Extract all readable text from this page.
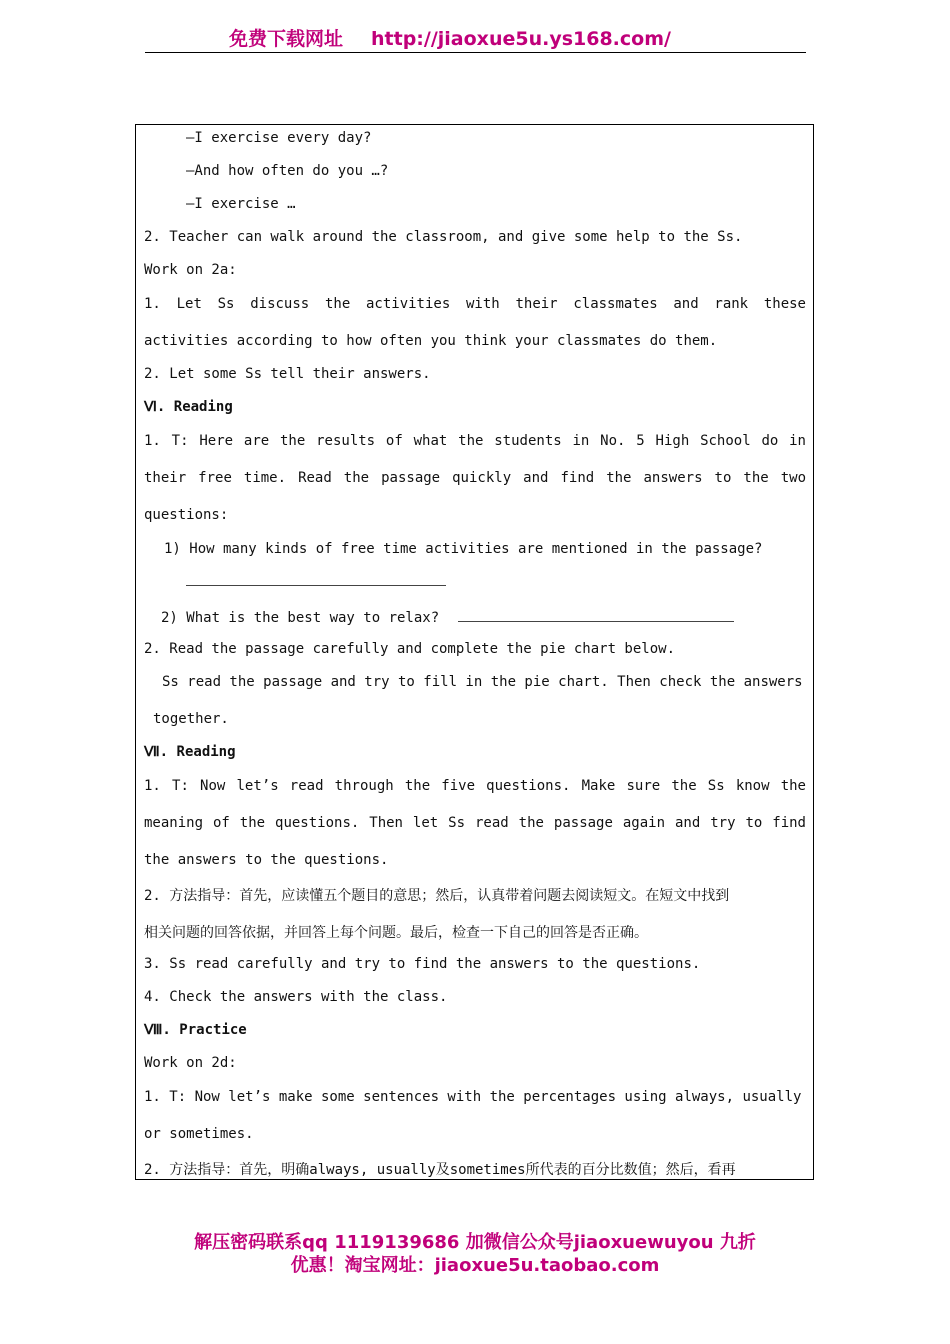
免费下载网址 http://jiaoxue5u.ys168.com/
—I exercise every day?
—And how often do you …?
—I exercise …
2. Teacher can walk around the classroom, and give some help to the Ss.
Work on 2a:
1. Let Ss discuss the activities with their classmates and rank these
activities according to how often you think your classmates do them.
2. Let some Ss tell their answers.
Ⅵ. Reading
1. T: Here are the results of what the students in No. 5 High School do in
their free time. Read the passage quickly and find the answers to the two
questions:
1) How many kinds of free time activities are mentioned in the passage?
2) What is the best way to relax?
2. Read the passage carefully and complete the pie chart below.
Ss read the passage and try to fill in the pie chart. Then check the answers
together.
Ⅶ. Reading
1. T: Now let’s read through the five questions. Make sure the Ss know the
meaning of the questions. Then let Ss read the passage again and try to find
the answers to the questions.
2. 方法指导：首先，应读懂五个题目的意思；然后，认真带着问题去阅读短文。在短文中找到
相关问题的回答依据，并回答上每个问题。最后，检查一下自己的回答是否正确。
3. Ss read carefully and try to find the answers to the questions.
4. Check the answers with the class.
Ⅷ. Practice
Work on 2d:
1. T: Now let’s make some sentences with the percentages using always, usually
or sometimes.
2. 方法指导：首先，明确always, usually及sometimes所代表的百分比数值；然后，看再
解压密码联系qq 1119139686 加微信公众号jiaoxuewuyou 九折
优惠！淘宝网址：jiaoxue5u.taobao.com
